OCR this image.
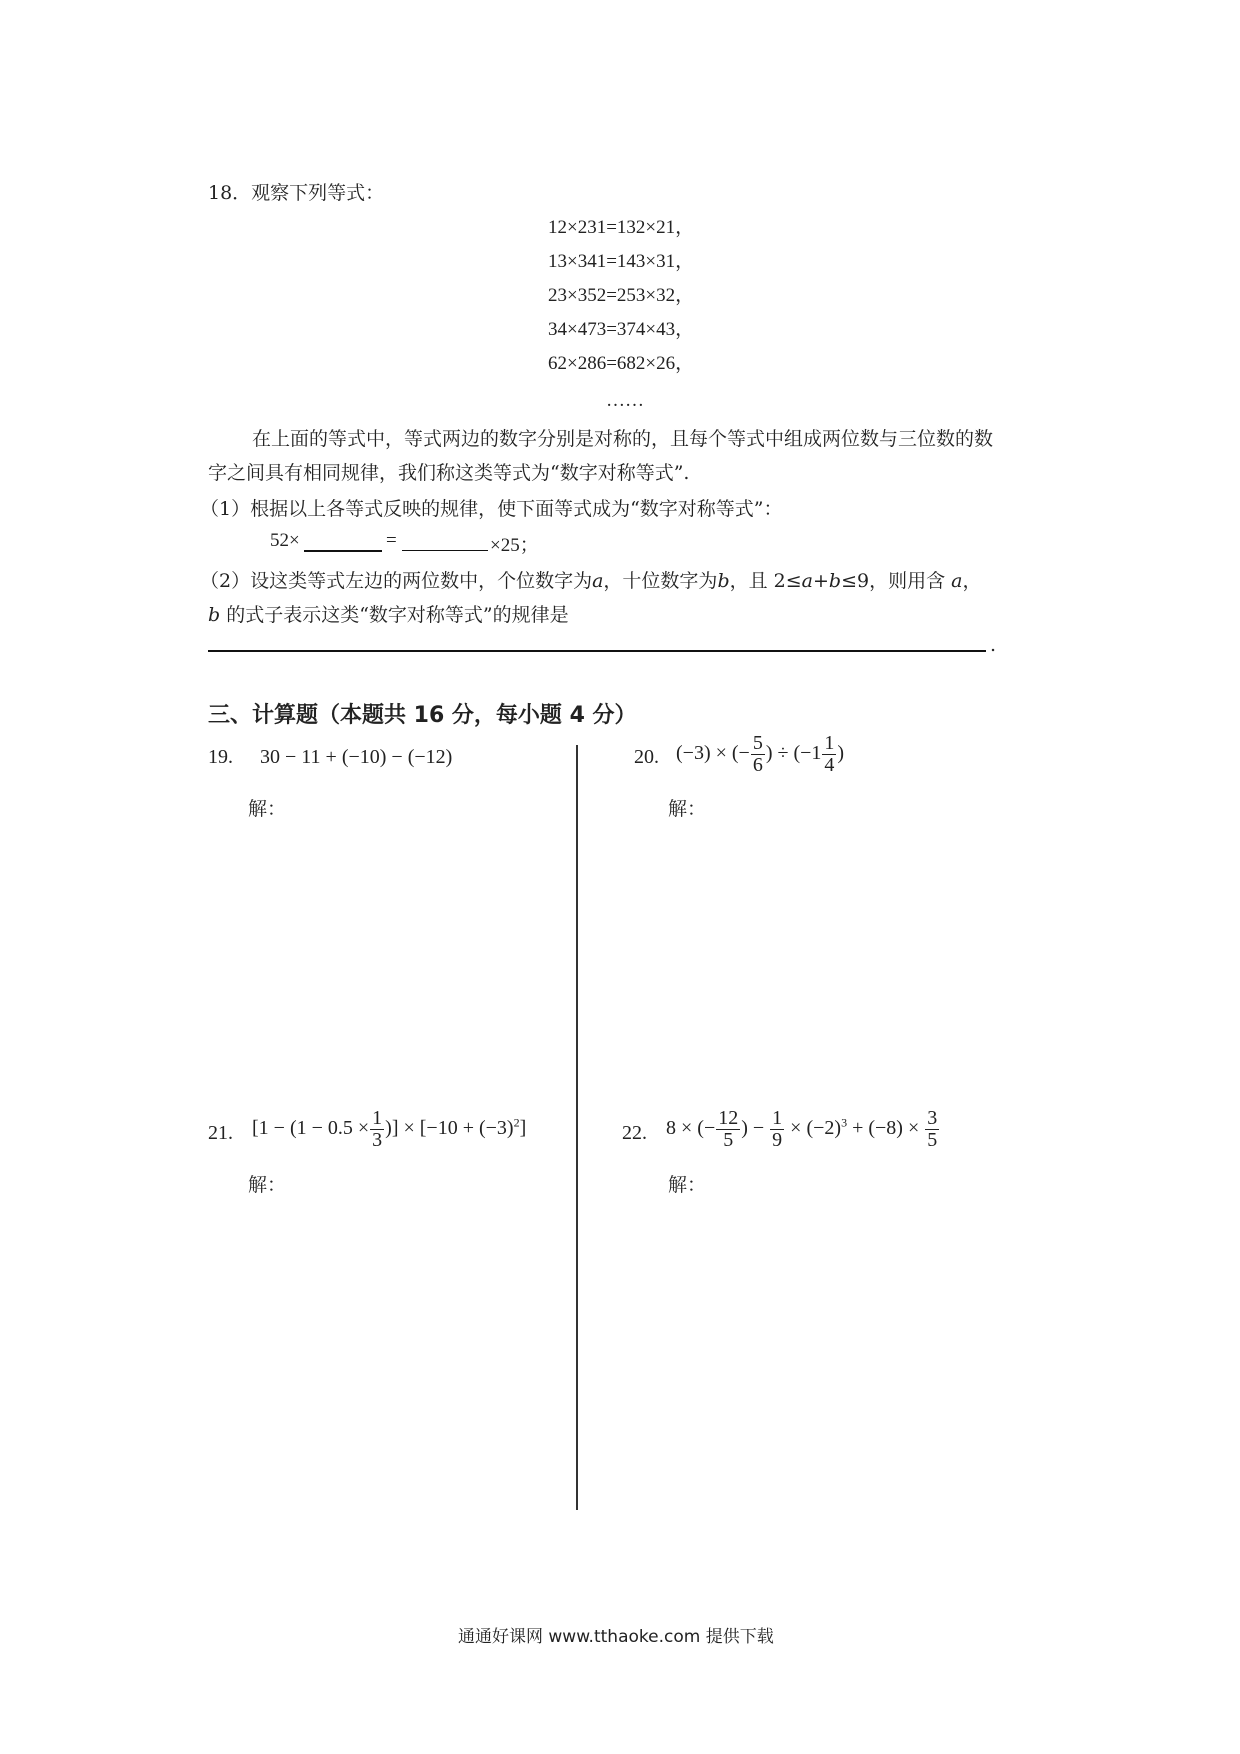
18．观察下列等式：
12×231=132×21，
13×341=143×31，
23×352=253×32，
34×473=374×43，
62×286=682×26，
……
在上面的等式中，等式两边的数字分别是对称的，且每个等式中组成两位数与三位数的数
字之间具有相同规律，我们称这类等式为“数字对称等式”.
（1）根据以上各等式反映的规律，使下面等式成为“数字对称等式”：
52×	=	×25；
（2）设这类等式左边的两位数中，个位数字为a，十位数字为b，且 2≤a+b≤9，则用含 a，
b 的式子表示这类“数字对称等式”的规律是
.
三、计算题（本题共 16 分，每小题 4 分）
19. 30 − 11 + (−10) − (−12)
解：
20. (−3) × (− $\frac{5}{6}$ ) ÷ ($-1 \frac{1}{4}$ )
解：
21. [$1 - (1 - 0.5 \times \frac{1}{3}$ )] × $[-10 + (-3)^2]$
解：
22. 8 × (− $\frac{12}{5}$ ) − $\frac{1}{9} \times (-2)^3 + (-8) \times \frac{3}{5}$
解：
通通好课网 www.tthaoke.com 提供下载
